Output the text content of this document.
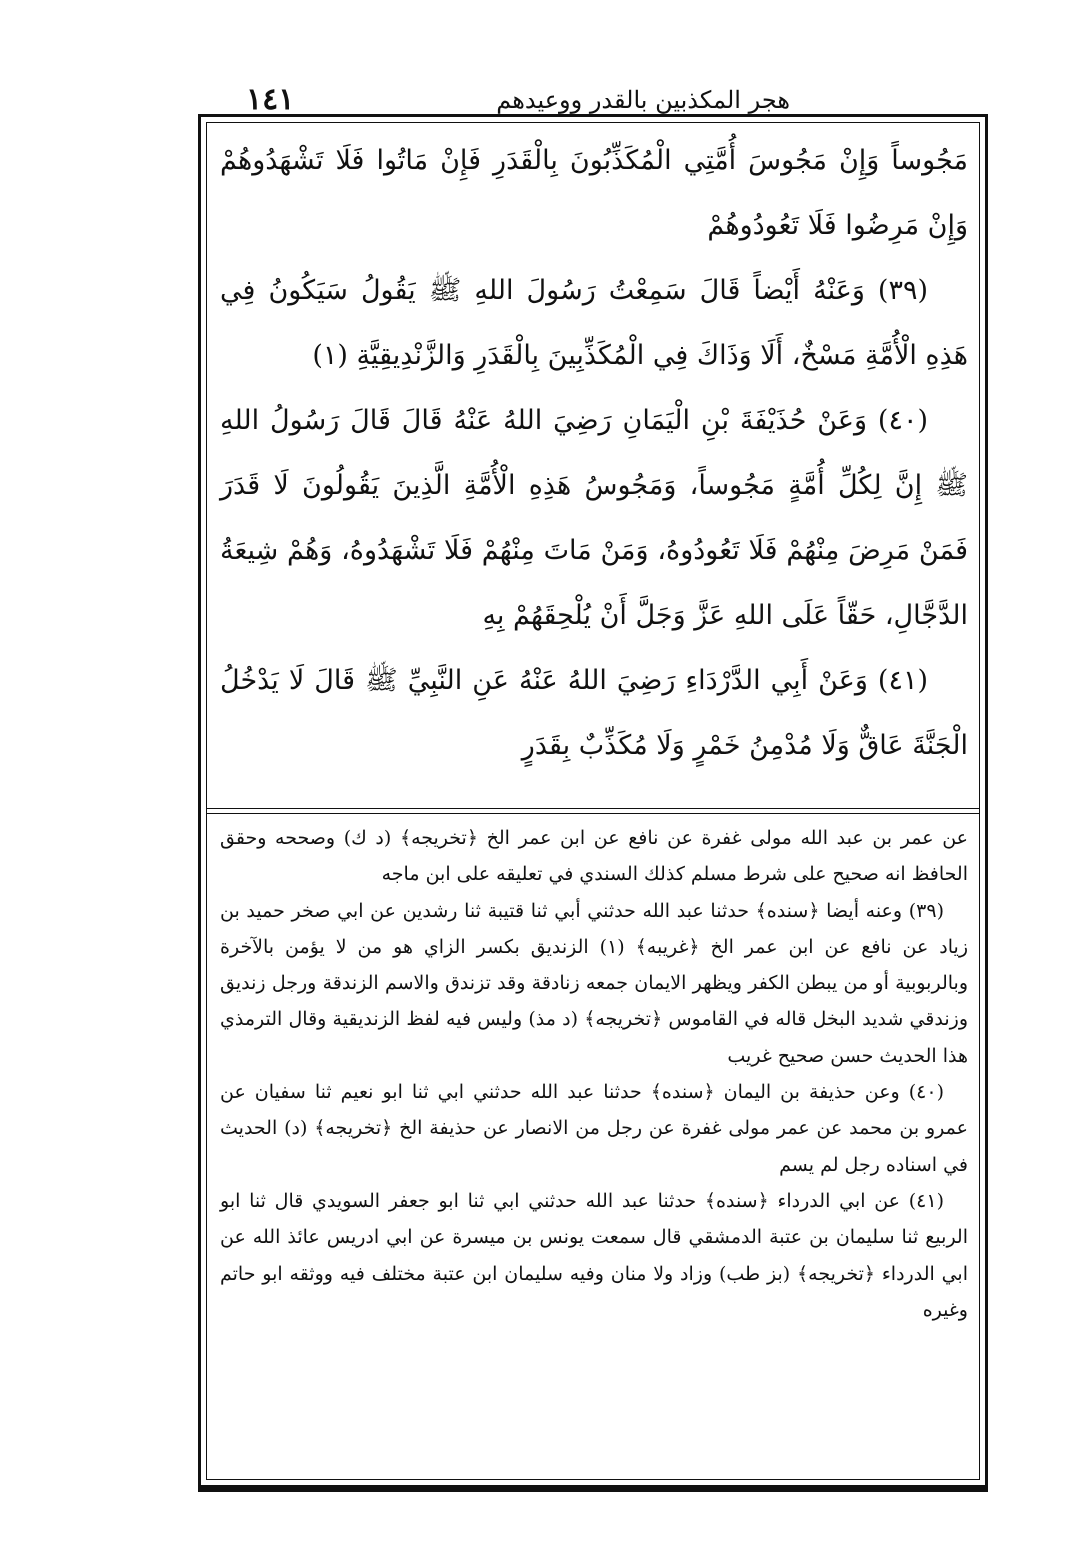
١٤١	هجر المكذبين بالقدر ووعيدهم

مَجُوساً وَإِنْ مَجُوسَ أُمَّتِي الْمُكَذِّبُونَ بِالْقَدَرِ فَإِنْ مَاتُوا فَلَا تَشْهَدُوهُمْ وَإِنْ مَرِضُوا فَلَا تَعُودُوهُمْ

(٣٩) وَعَنْهُ أَيْضاً قَالَ سَمِعْتُ رَسُولَ اللهِ ﷺ يَقُولُ سَيَكُونُ فِي هَذِهِ الْأُمَّةِ مَسْخٌ، أَلَا وَذَاكَ فِي الْمُكَذِّبِينَ بِالْقَدَرِ وَالزَّنْدِيقِيَّةِ (١)

(٤٠) وَعَنْ حُذَيْفَةَ بْنِ الْيَمَانِ رَضِيَ اللهُ عَنْهُ قَالَ قَالَ رَسُولُ اللهِ ﷺ إِنَّ لِكُلِّ أُمَّةٍ مَجُوساً، وَمَجُوسُ هَذِهِ الْأُمَّةِ الَّذِينَ يَقُولُونَ لَا قَدَرَ فَمَنْ مَرِضَ مِنْهُمْ فَلَا تَعُودُوهُ، وَمَنْ مَاتَ مِنْهُمْ فَلَا تَشْهَدُوهُ، وَهُمْ شِيعَةُ الدَّجَّالِ، حَقّاً عَلَى اللهِ عَزَّ وَجَلَّ أَنْ يُلْحِقَهُمْ بِهِ

(٤١) وَعَنْ أَبِي الدَّرْدَاءِ رَضِيَ اللهُ عَنْهُ عَنِ النَّبِيِّ ﷺ قَالَ لَا يَدْخُلُ الْجَنَّةَ عَاقٌّ وَلَا مُدْمِنُ خَمْرٍ وَلَا مُكَذِّبٌ بِقَدَرٍ

عن عمر بن عبد الله مولى غفرة عن نافع عن ابن عمر الخ ﴿تخريجه﴾ (د ك) وصححه وحقق الحافظ انه صحيح على شرط مسلم كذلك السندي في تعليقه على ابن ماجه

(٣٩) وعنه أيضا ﴿سنده﴾ حدثنا عبد الله حدثني أبي ثنا قتيبة ثنا رشدين عن ابي صخر حميد بن زياد عن نافع عن ابن عمر الخ ﴿غريبه﴾ (١) الزنديق بكسر الزاي هو من لا يؤمن بالآخرة وبالربوبية أو من يبطن الكفر ويظهر الايمان جمعه زنادقة وقد تزندق والاسم الزندقة ورجل زنديق وزندقي شديد البخل قاله في القاموس ﴿تخريجه﴾ (د مذ) وليس فيه لفظ الزنديقية وقال الترمذي هذا الحديث حسن صحيح غريب

(٤٠) وعن حذيفة بن اليمان ﴿سنده﴾ حدثنا عبد الله حدثني ابي ثنا ابو نعيم ثنا سفيان عن عمرو بن محمد عن عمر مولى غفرة عن رجل من الانصار عن حذيفة الخ ﴿تخريجه﴾ (د) الحديث في اسناده رجل لم يسم

(٤١) عن ابي الدرداء ﴿سنده﴾ حدثنا عبد الله حدثني ابي ثنا ابو جعفر السويدي قال ثنا ابو الربيع ثنا سليمان بن عتبة الدمشقي قال سمعت يونس بن ميسرة عن ابي ادريس عائذ الله عن ابي الدرداء ﴿تخريجه﴾ (بز طب) وزاد ولا منان وفيه سليمان ابن عتبة مختلف فيه ووثقه ابو حاتم وغيره
